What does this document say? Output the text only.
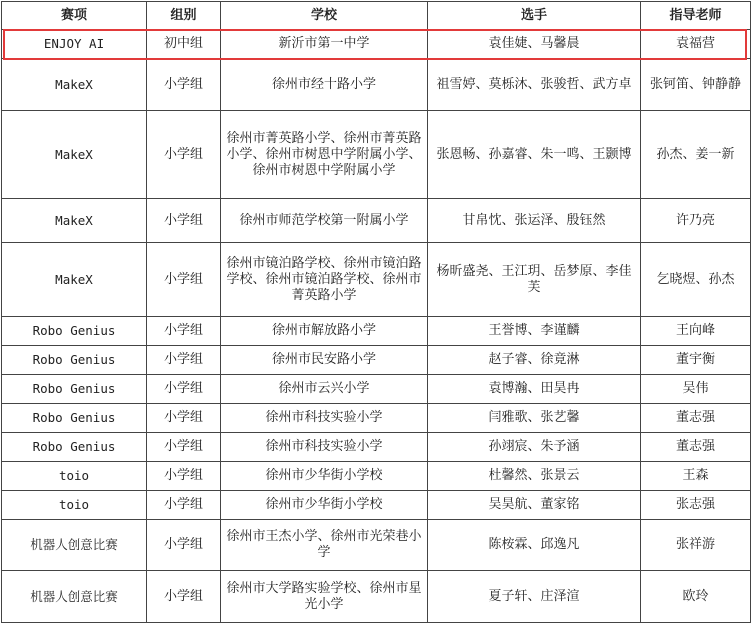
赛项	组别	学校	选手	指导老师
ENJOY AI	初中组	新沂市第一中学	袁佳婕、马馨晨	袁福营
MakeX	小学组	徐州市经十路小学	祖雪婷、莫栎沐、张骏哲、武方卓	张钶笛、钟静静
MakeX	小学组	徐州市菁英路小学、徐州市菁英路小学、徐州市树恩中学附属小学、徐州市树恩中学附属小学	张恩畅、孙嘉睿、朱一鸣、王颢博	孙杰、姜一新
MakeX	小学组	徐州市师范学校第一附属小学	甘帛忱、张运泽、殷钰然	许乃亮
MakeX	小学组	徐州市镜泊路学校、徐州市镜泊路学校、徐州市镜泊路学校、徐州市菁英路小学	杨昕盛尧、王江玥、岳梦原、李佳芙	乞晓煜、孙杰
Robo Genius	小学组	徐州市解放路小学	王誉博、李谨麟	王向峰
Robo Genius	小学组	徐州市民安路小学	赵子睿、徐竟淋	董宇衡
Robo Genius	小学组	徐州市云兴小学	袁博瀚、田昊冉	吴伟
Robo Genius	小学组	徐州市科技实验小学	闫雅歌、张艺馨	董志强
Robo Genius	小学组	徐州市科技实验小学	孙翊宸、朱予涵	董志强
toio	小学组	徐州市少华街小学校	杜馨然、张景云	王森
toio	小学组	徐州市少华街小学校	吴昊航、董家铭	张志强
机器人创意比赛	小学组	徐州市王杰小学、徐州市光荣巷小学	陈桉霖、邱逸凡	张祥游
机器人创意比赛	小学组	徐州市大学路实验学校、徐州市星光小学	夏子轩、庄泽渲	欧玲
